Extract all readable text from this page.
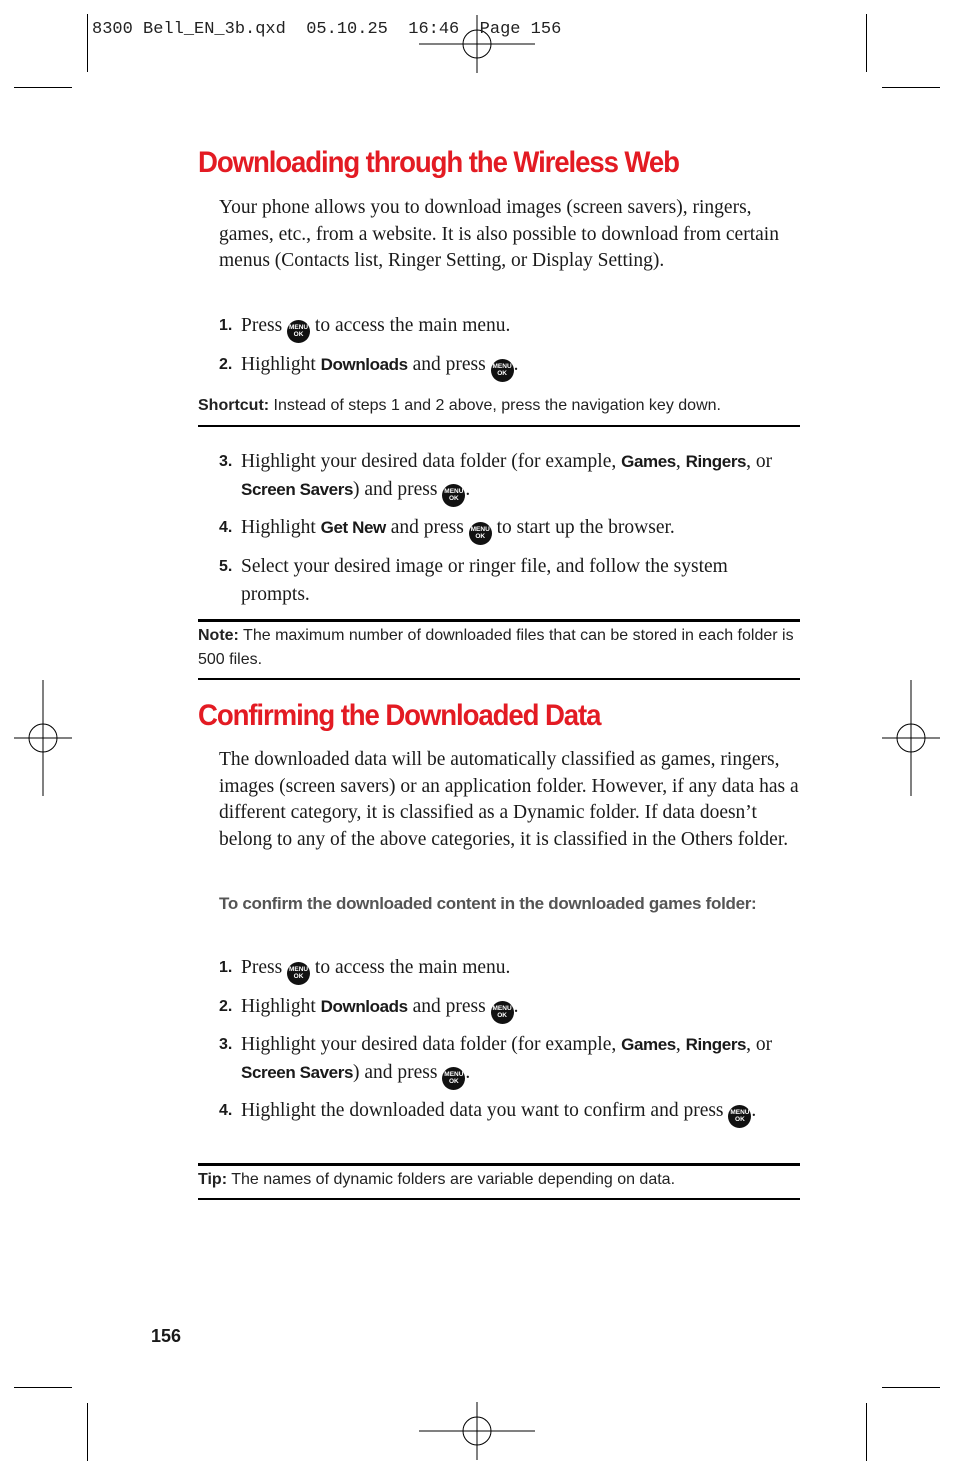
8300 Bell_EN_3b.qxd  05.10.25  16:46  Page 156
Downloading through the Wireless Web
Your phone allows you to download images (screen savers), ringers, games, etc., from a website. It is also possible to download from certain menus (Contacts list, Ringer Setting, or Display Setting).
1. Press MENU
OK to access the main menu.
2. Highlight Downloads and press MENU
OK .
Shortcut: Instead of steps 1 and 2 above, press the navigation key down.
3. Highlight your desired data folder (for example, Games, Ringers, or Screen Savers) and press MENU
OK .
4. Highlight Get New and press MENU
OK to start up the browser.
5. Select your desired image or ringer file, and follow the system prompts.
Note: The maximum number of downloaded files that can be stored in each folder is 500 files.
Confirming the Downloaded Data
The downloaded data will be automatically classified as games, ringers, images (screen savers) or an application folder. However, if any data has a different category, it is classified as a Dynamic folder. If data doesn’t belong to any of the above categories, it is classified in the Others folder.
To confirm the downloaded content in the downloaded games folder:
1. Press MENU
OK to access the main menu.
2. Highlight Downloads and press MENU
OK .
3. Highlight your desired data folder (for example, Games, Ringers, or Screen Savers) and press MENU
OK .
4. Highlight the downloaded data you want to confirm and press MENU
OK .
Tip: The names of dynamic folders are variable depending on data.
156
